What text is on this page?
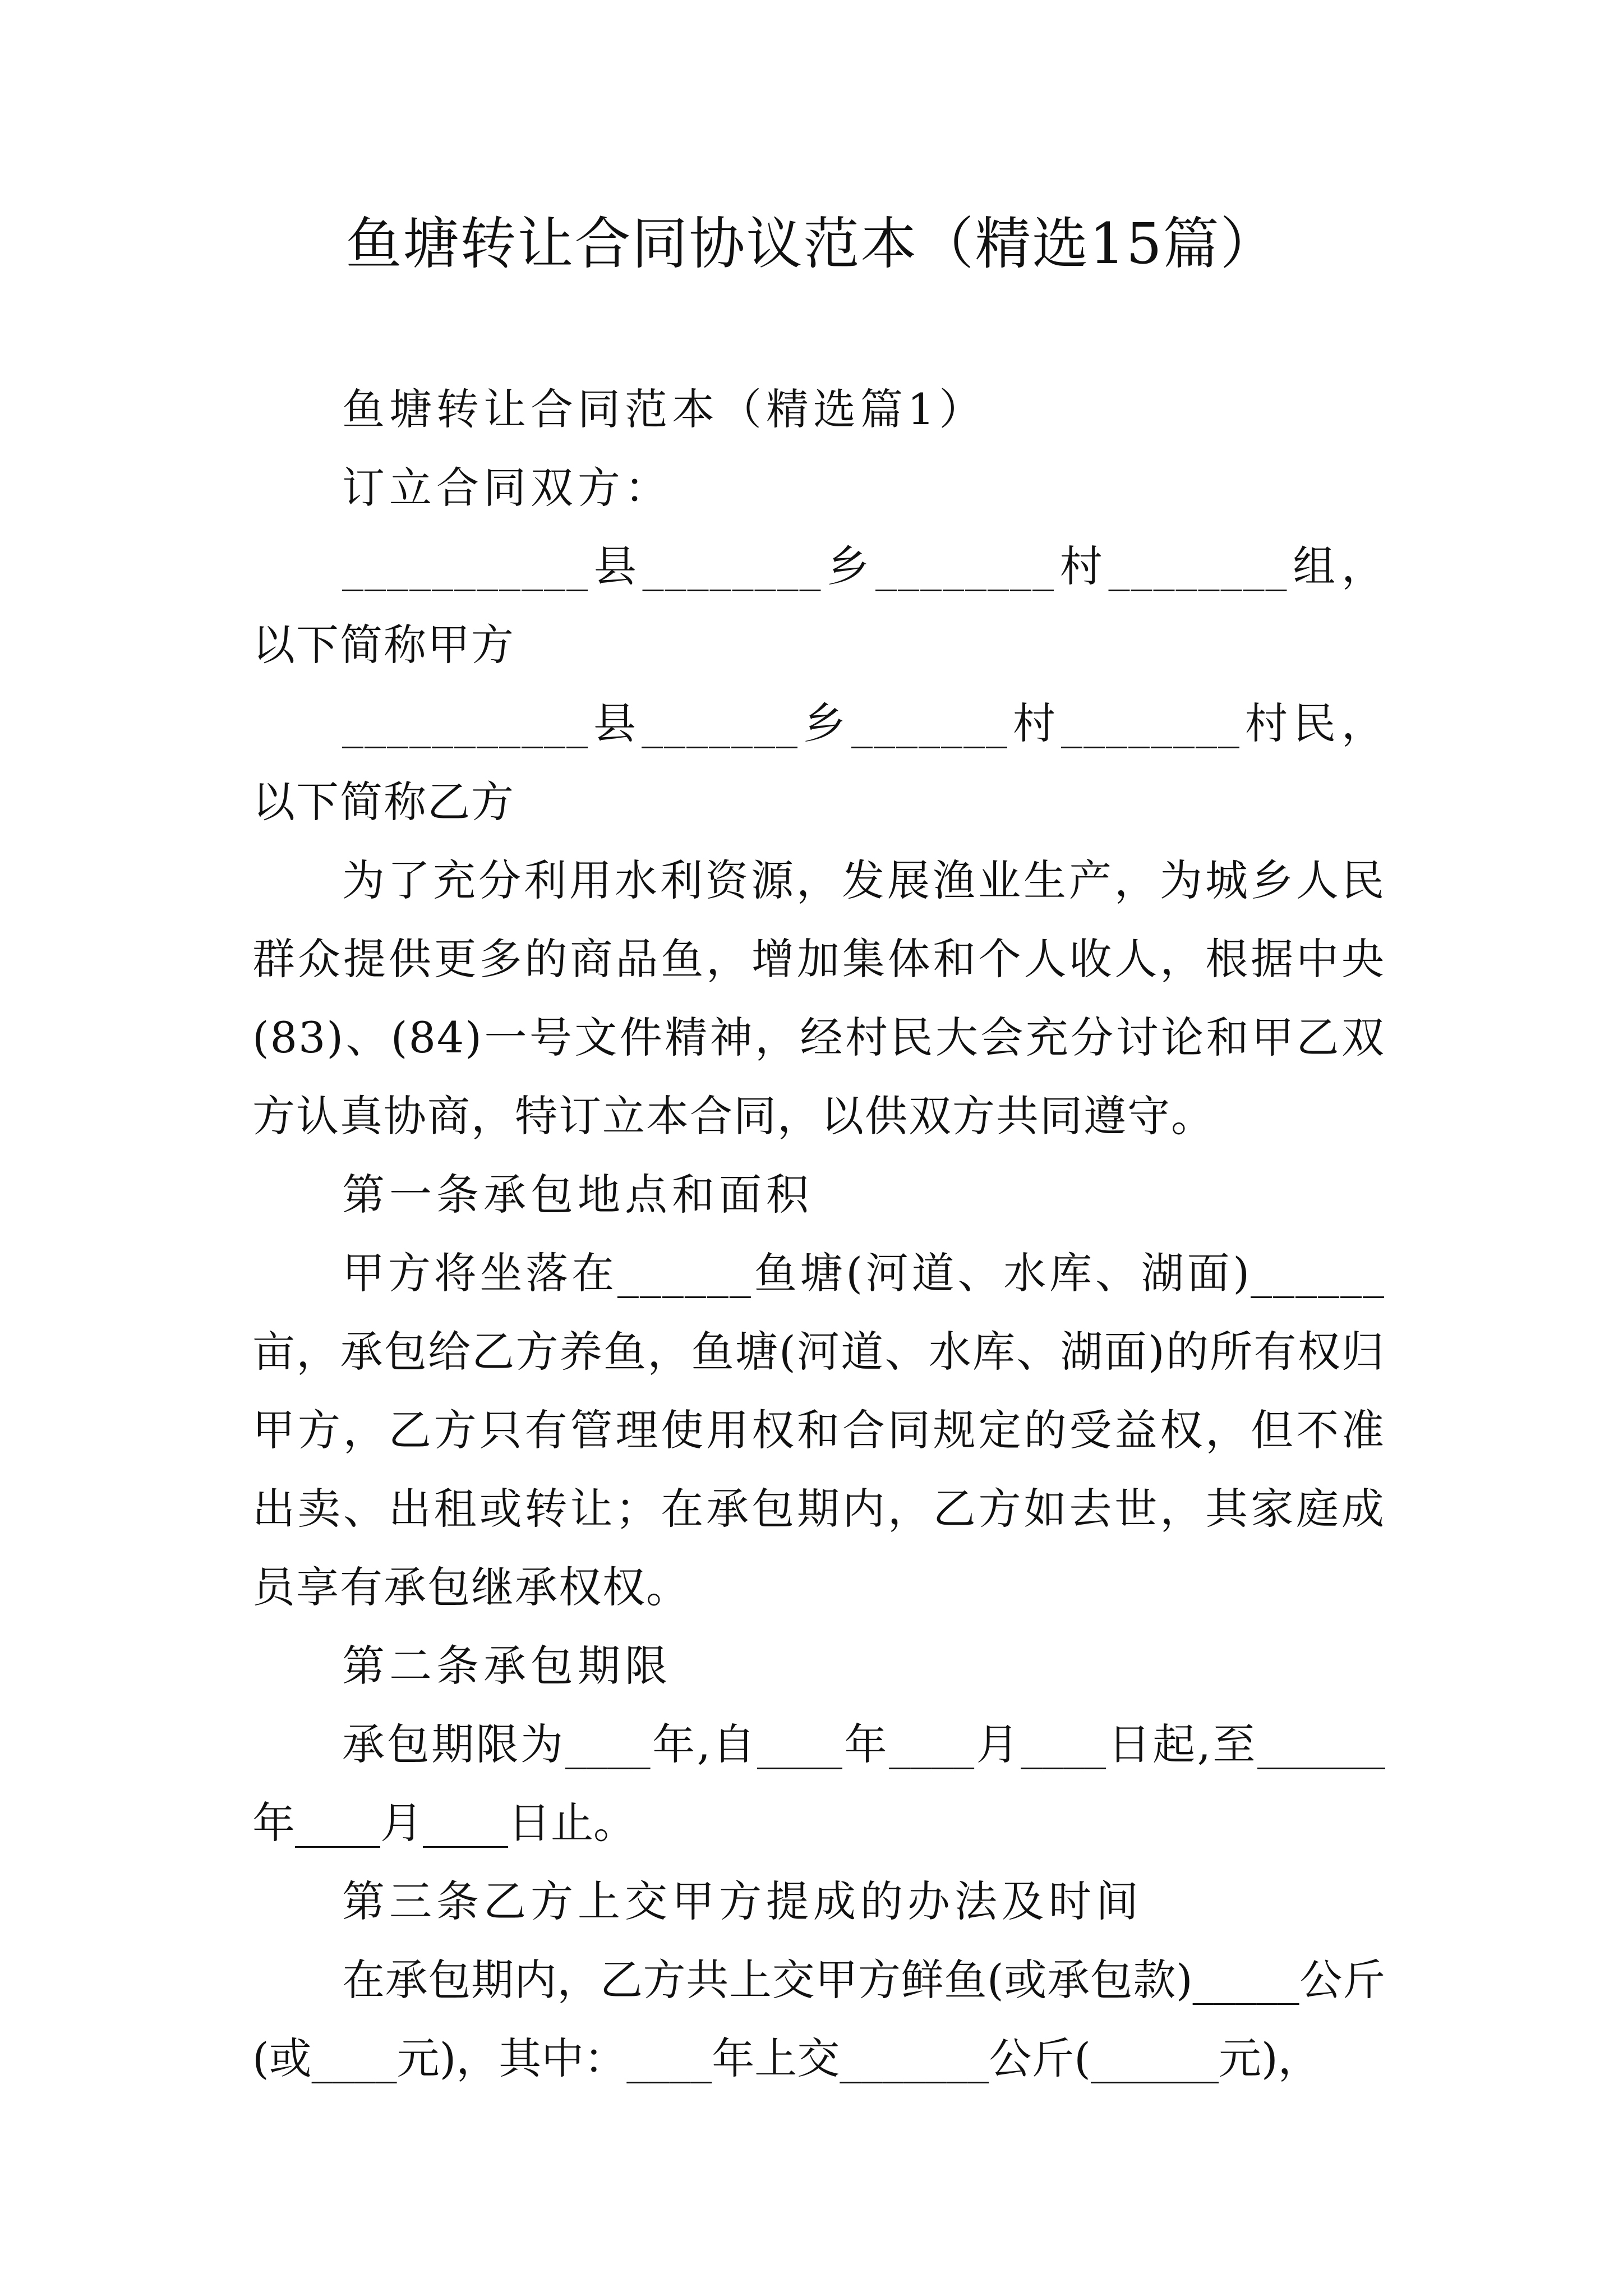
鱼塘转让合同协议范本（精选15篇）

鱼塘转让合同范本（精选篇1）

订立合同双方：

___________县________乡________村________组，以下简称甲方

___________县_______乡_______村________村民，以下简称乙方

为了充分利用水利资源，发展渔业生产，为城乡人民群众提供更多的商品鱼，增加集体和个人收人，根据中央(83)、(84)一号文件精神，经村民大会充分讨论和甲乙双方认真协商，特订立本合同，以供双方共同遵守。

第一条承包地点和面积

甲方将坐落在______鱼塘(河道、水库、湖面)______亩，承包给乙方养鱼，鱼塘(河道、水库、湖面)的所有权归甲方，乙方只有管理使用权和合同规定的受益权，但不准出卖、出租或转让；在承包期内，乙方如去世，其家庭成员享有承包继承权权。

第二条承包期限

承包期限为____年,自____年____月____日起,至______年____月____日止。

第三条乙方上交甲方提成的办法及时间

在承包期内，乙方共上交甲方鲜鱼(或承包款)_____公斤(或____元)，其中：____年上交_______公斤(______元)，
